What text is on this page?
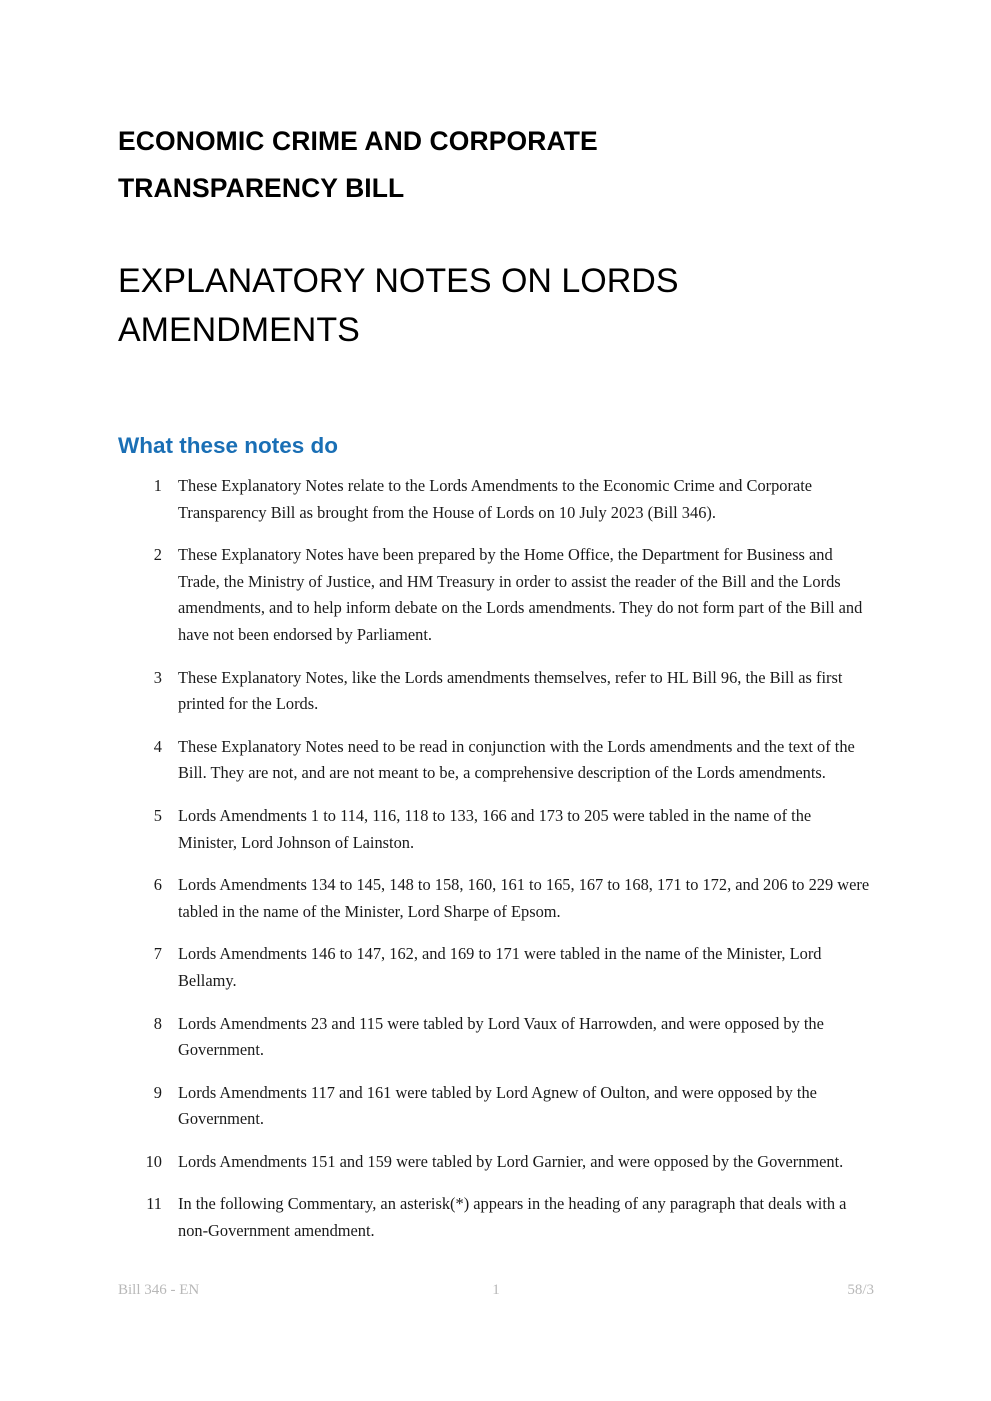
ECONOMIC CRIME AND CORPORATE TRANSPARENCY BILL
EXPLANATORY NOTES ON LORDS AMENDMENTS
What these notes do
1 These Explanatory Notes relate to the Lords Amendments to the Economic Crime and Corporate Transparency Bill as brought from the House of Lords on 10 July 2023 (Bill 346).
2 These Explanatory Notes have been prepared by the Home Office, the Department for Business and Trade, the Ministry of Justice, and HM Treasury in order to assist the reader of the Bill and the Lords amendments, and to help inform debate on the Lords amendments. They do not form part of the Bill and have not been endorsed by Parliament.
3 These Explanatory Notes, like the Lords amendments themselves, refer to HL Bill 96, the Bill as first printed for the Lords.
4 These Explanatory Notes need to be read in conjunction with the Lords amendments and the text of the Bill. They are not, and are not meant to be, a comprehensive description of the Lords amendments.
5 Lords Amendments 1 to 114, 116, 118 to 133, 166 and 173 to 205 were tabled in the name of the Minister, Lord Johnson of Lainston.
6 Lords Amendments 134 to 145, 148 to 158, 160, 161 to 165, 167 to 168, 171 to 172, and 206 to 229 were tabled in the name of the Minister, Lord Sharpe of Epsom.
7 Lords Amendments 146 to 147, 162, and 169 to 171 were tabled in the name of the Minister, Lord Bellamy.
8 Lords Amendments 23 and 115 were tabled by Lord Vaux of Harrowden, and were opposed by the Government.
9 Lords Amendments 117 and 161 were tabled by Lord Agnew of Oulton, and were opposed by the Government.
10 Lords Amendments 151 and 159 were tabled by Lord Garnier, and were opposed by the Government.
11 In the following Commentary, an asterisk(*) appears in the heading of any paragraph that deals with a non-Government amendment.
Bill 346 - EN	1	58/3
